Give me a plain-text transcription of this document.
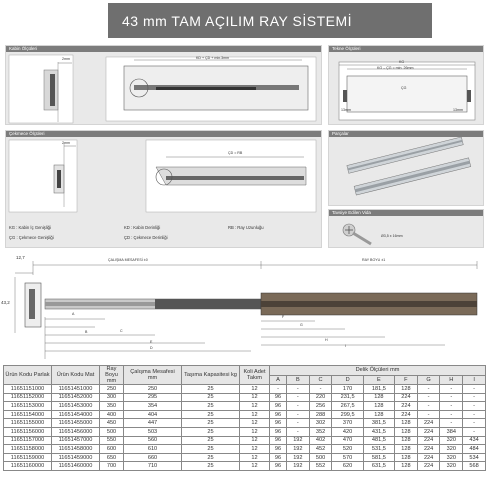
43 mm TAM AÇILIM RAY SİSTEMİ
Kabin Ölçüleri
2mm	KD + ÇD + min.3mm
Tekne Ölçüleri
KG
KG – ÇG = min. 26mm
ÇG
13mm	13mm
Çekmece Ölçüleri
2mm
ÇD = RB
KG : Kabin İç Genişliği
ÇG : Çekmece Genişliği
KD : Kabin Derinliği
ÇD : Çekmece Derinliği
RB : Ray Uzunluğu
Parçalar
Tavsiye Edilen Vida
Ø3,5 x 16mm
12,7
43,2
ÇALIŞMA MESAFESİ ±0	RAY BOYU ±1
A
B	C
D
E
F
G
H
I
Ürün Kodu Parlak	Ürün Kodu Mat	Ray Boyu mm	Çalışma Mesafesi mm	Taşıma Kapasitesi kg	Koli Adet Takım	Delik Ölçüleri mm								
						A	B	C	D	E	F	G	H	I
11651151000	11651451000	250	250	25	12	-	-	-	170	181,5	128	-	-	-
11651152000	11651452000	300	295	25	12	96	-	220	231,5	128	224	-	-	-
11651153000	11651453000	350	354	25	12	96	-	256	267,5	128	224	-	-	-
11651154000	11651454000	400	404	25	12	96	-	288	299,5	128	224	-	-	-
11651155000	11651455000	450	447	25	12	96	-	302	370	381,5	128	224	-	-
11651156000	11651456000	500	503	25	12	96	-	352	420	431,5	128	224	384	-
11651157000	11651457000	550	560	25	12	96	192	402	470	481,5	128	224	320	434
11651158000	11651458000	600	610	25	12	96	192	452	520	531,5	128	224	320	484
11651159000	11651459000	650	660	25	12	96	192	500	570	581,5	128	224	320	534
11651160000	11651460000	700	710	25	12	96	192	552	620	631,5	128	224	320	568
